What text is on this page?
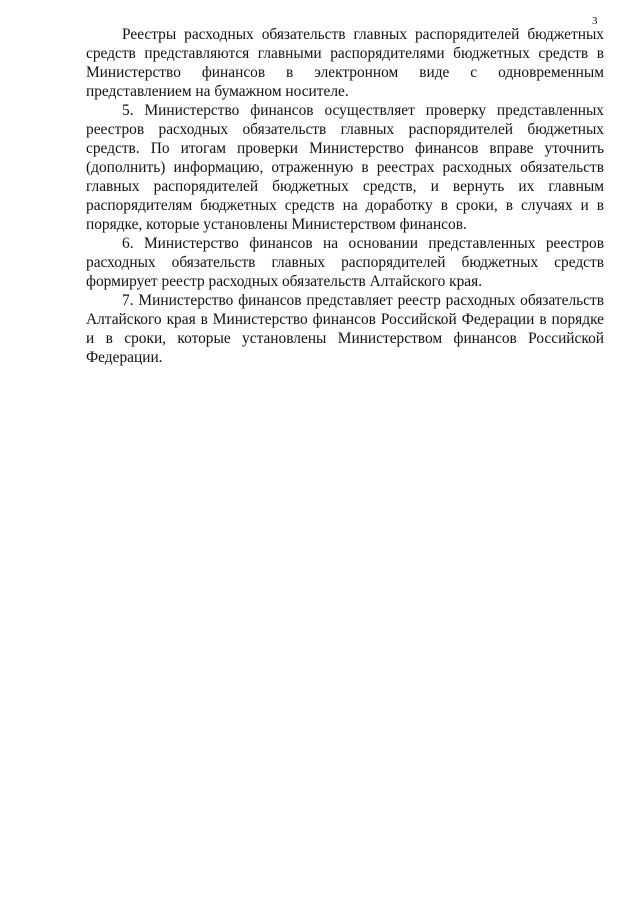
3

Реестры расходных обязательств главных распорядителей бюджетных средств представляются главными распорядителями бюджетных средств в Министерство финансов в электронном виде с одновременным представлением на бумажном носителе.

5. Министерство финансов осуществляет проверку представленных реестров расходных обязательств главных распорядителей бюджетных средств. По итогам проверки Министерство финансов вправе уточнить (дополнить) информацию, отраженную в реестрах расходных обязательств главных распорядителей бюджетных средств, и вернуть их главным распорядителям бюджетных средств на доработку в сроки, в случаях и в порядке, которые установлены Министерством финансов.

6. Министерство финансов на основании представленных реестров расходных обязательств главных распорядителей бюджетных средств формирует реестр расходных обязательств Алтайского края.

7. Министерство финансов представляет реестр расходных обязательств Алтайского края в Министерство финансов Российской Федерации в порядке и в сроки, которые установлены Министерством финансов Российской Федерации.
